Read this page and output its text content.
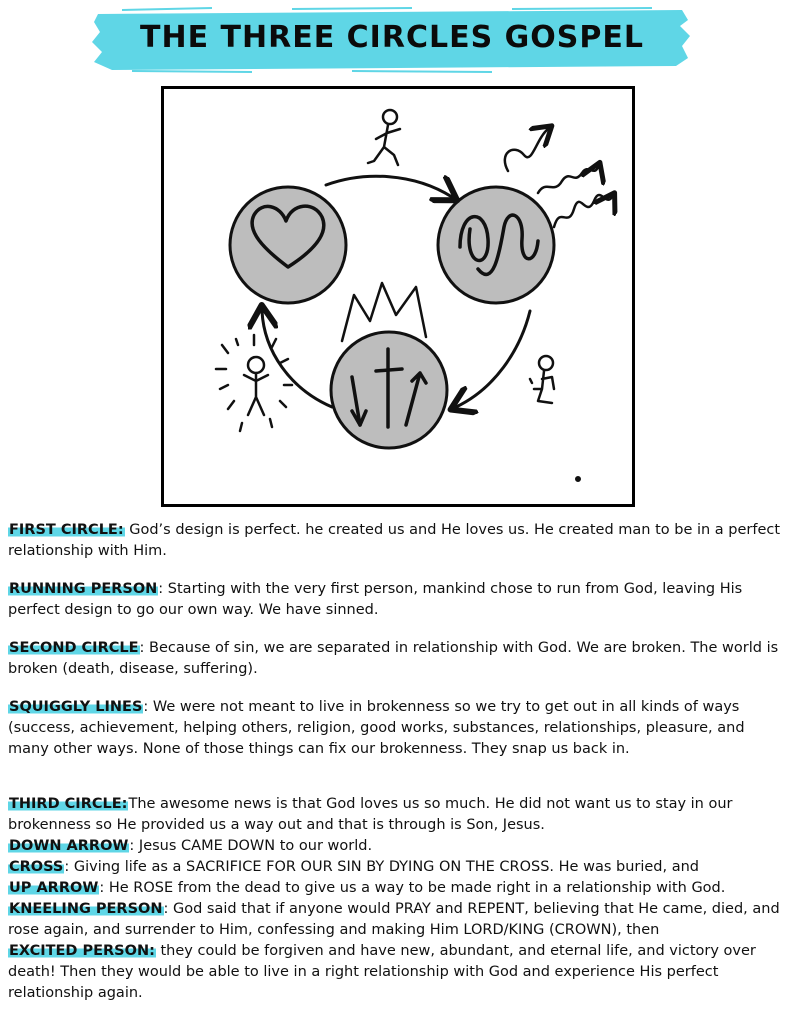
THE THREE CIRCLES GOSPEL

FIRST CIRCLE: God’s design is perfect. he created us and He loves us. He created man to be in a perfect relationship with Him.

RUNNING PERSON: Starting with the very first person, mankind chose to run from God, leaving His perfect design to go our own way. We have sinned.

SECOND CIRCLE: Because of sin, we are separated in relationship with God. We are broken. The world is broken (death, disease, suffering).

SQUIGGLY LINES: We were not meant to live in brokenness so we try to get out in all kinds of ways (success, achievement, helping others, religion, good works, substances, relationships, pleasure, and many other ways. None of those things can fix our brokenness. They snap us back in.

THIRD CIRCLE:The awesome news is that God loves us so much. He did not want us to stay in our brokenness so He provided us a way out and that is through is Son, Jesus.

DOWN ARROW: Jesus CAME DOWN to our world.

CROSS: Giving life as a SACRIFICE FOR OUR SIN BY DYING ON THE CROSS. He was buried, and

UP ARROW: He ROSE from the dead to give us a way to be made right in a relationship with God.

KNEELING PERSON: God said that if anyone would PRAY and REPENT, believing that He came, died, and rose again, and surrender to Him, confessing and making Him LORD/KING (CROWN), then

EXCITED PERSON: they could be forgiven and have new, abundant, and eternal life, and victory over death! Then they would be able to live in a right relationship with God and experience His perfect relationship again.
